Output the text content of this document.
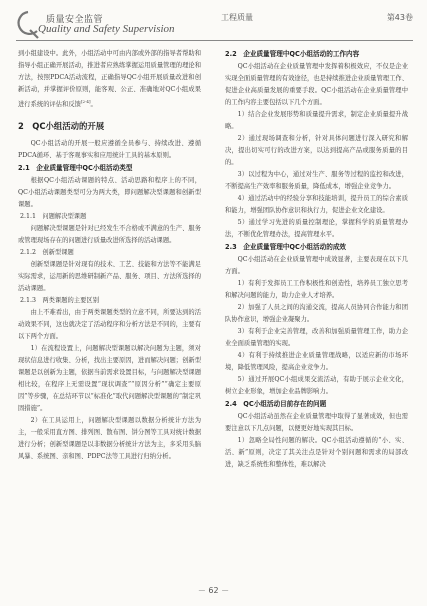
质量安全监管
Quality and Safety Supervision
工程质量	第43卷

到小组建设中。此外，小组活动中可由内部或外部的指导者帮助和指导小组正确开展活动，推进者应熟练掌握运用质量管理的理论和方法，按照PDCA活动流程，正确指导QC小组开展质量改进和创新活动，并掌握评价原则，能客观、公正、准确地对QC小组成果进行系统的评估和反馈[2-4]。

2　QC小组活动的开展

QC小组活动的开展一般应遵循全员参与、持续改进、遵循PDCA循环、基于客观事实和应用统计工具的基本原则。

2.1　企业质量管理中QC小组活动类型

根据QC小组活动课题的特点、活动思路和程序上的不同，QC小组活动课题类型可分为两大类，即问题解决型课题和创新型课题。

2.1.1　问题解决型课题

问题解决型课题是针对已经发生不合格或不满意的生产、服务或管理现场存在的问题进行质量改进所选择的活动课题。

2.1.2　创新型课题

创新型课题是针对现有的技术、工艺、技能和方法等不能满足实际需求，运用新的思维研制新产品、服务、项目、方法所选择的活动课题。

2.1.3　两类课题的主要区别

由上不难看出，由于两类课题类型的立意不同，所要达到的活动效果不同，这也就决定了活动程序和分析方法是不同的，主要有以下两个方面。

1）在流程设置上，问题解决型课题以解决问题为主题，须对现状信息进行收集、分析，找出主要原因，进而解决问题；创新型课题是以创新为主题，依据当前需求设置目标，与问题解决型课题相比较，在程序上无需设置“现状调查”“原因分析”“确定主要原因”等步骤，在总结环节以“标准化”取代问题解决型课题的“制定巩固措施”。

2）在工具运用上，问题解决型课题以数据分析统计方法为主，一般采用直方图、排列图、散布图、饼分图等工具对统计数据进行分析；创新型课题是以非数据分析统计方法为主，多采用头脑风暴、系统图、亲和图、PDPC法等工具进行归纳分析。

2.2　企业质量管理中QC小组活动的工作内容

QC小组活动在企业质量管理中发挥着积极效应，不仅是企业实现全面质量管理的有效途径，也是持续推进企业质量管理工作、促进企业高质量发展的重要手段。QC小组活动在企业质量管理中的工作内容主要包括以下几个方面。

1）结合企业发展形势和质量提升需求，制定企业质量提升战略。

2）通过现场调查和分析，针对具体问题进行深入研究和解决，提出切实可行的改进方案，以达到提高产品或服务质量的目的。

3）以过程为中心，通过对生产、服务等过程的监控和改进，不断提高生产效率和服务质量，降低成本，增强企业竞争力。

4）通过活动中的经验分享和技能培训，提升员工的综合素质和能力，增强团队协作意识和执行力，促进企业文化建设。

5）通过学习先进的质量控制理论，掌握科学的质量管理办法，不断优化管理办法，提高管理水平。

2.3　企业质量管理中QC小组活动的成效

QC小组活动在企业质量管理中成效显著，主要表现在以下几方面。

1）有利于发挥员工工作积极性和创造性，培养员工独立思考和解决问题的能力，助力企业人才培养。

2）加强了人员之间的沟通交流，提高人员协同合作能力和团队协作意识，增强企业凝聚力。

3）有利于企业完善管理，改善和加强质量管理工作，助力企业全面质量管理的实现。

4）有利于持续推进企业质量管理战略，以适应新的市场环境，降低管理风险，提高企业竞争力。

5）通过开展QC小组成果交流活动，有助于展示企业文化，树立企业形象，增加企业品牌影响力。

2.4　QC小组活动目前存在的问题

QC小组活动虽然在企业质量管理中取得了显著成效，但也需要注意以下几点问题，以便更好地实现其目标。

1）忽略全局性问题的解决。QC小组活动遵循的“小、实、活、新”原则，决定了其关注点是针对个别问题和需求的局部改进，缺乏系统性和整体性，难以解决

－ 62 －
